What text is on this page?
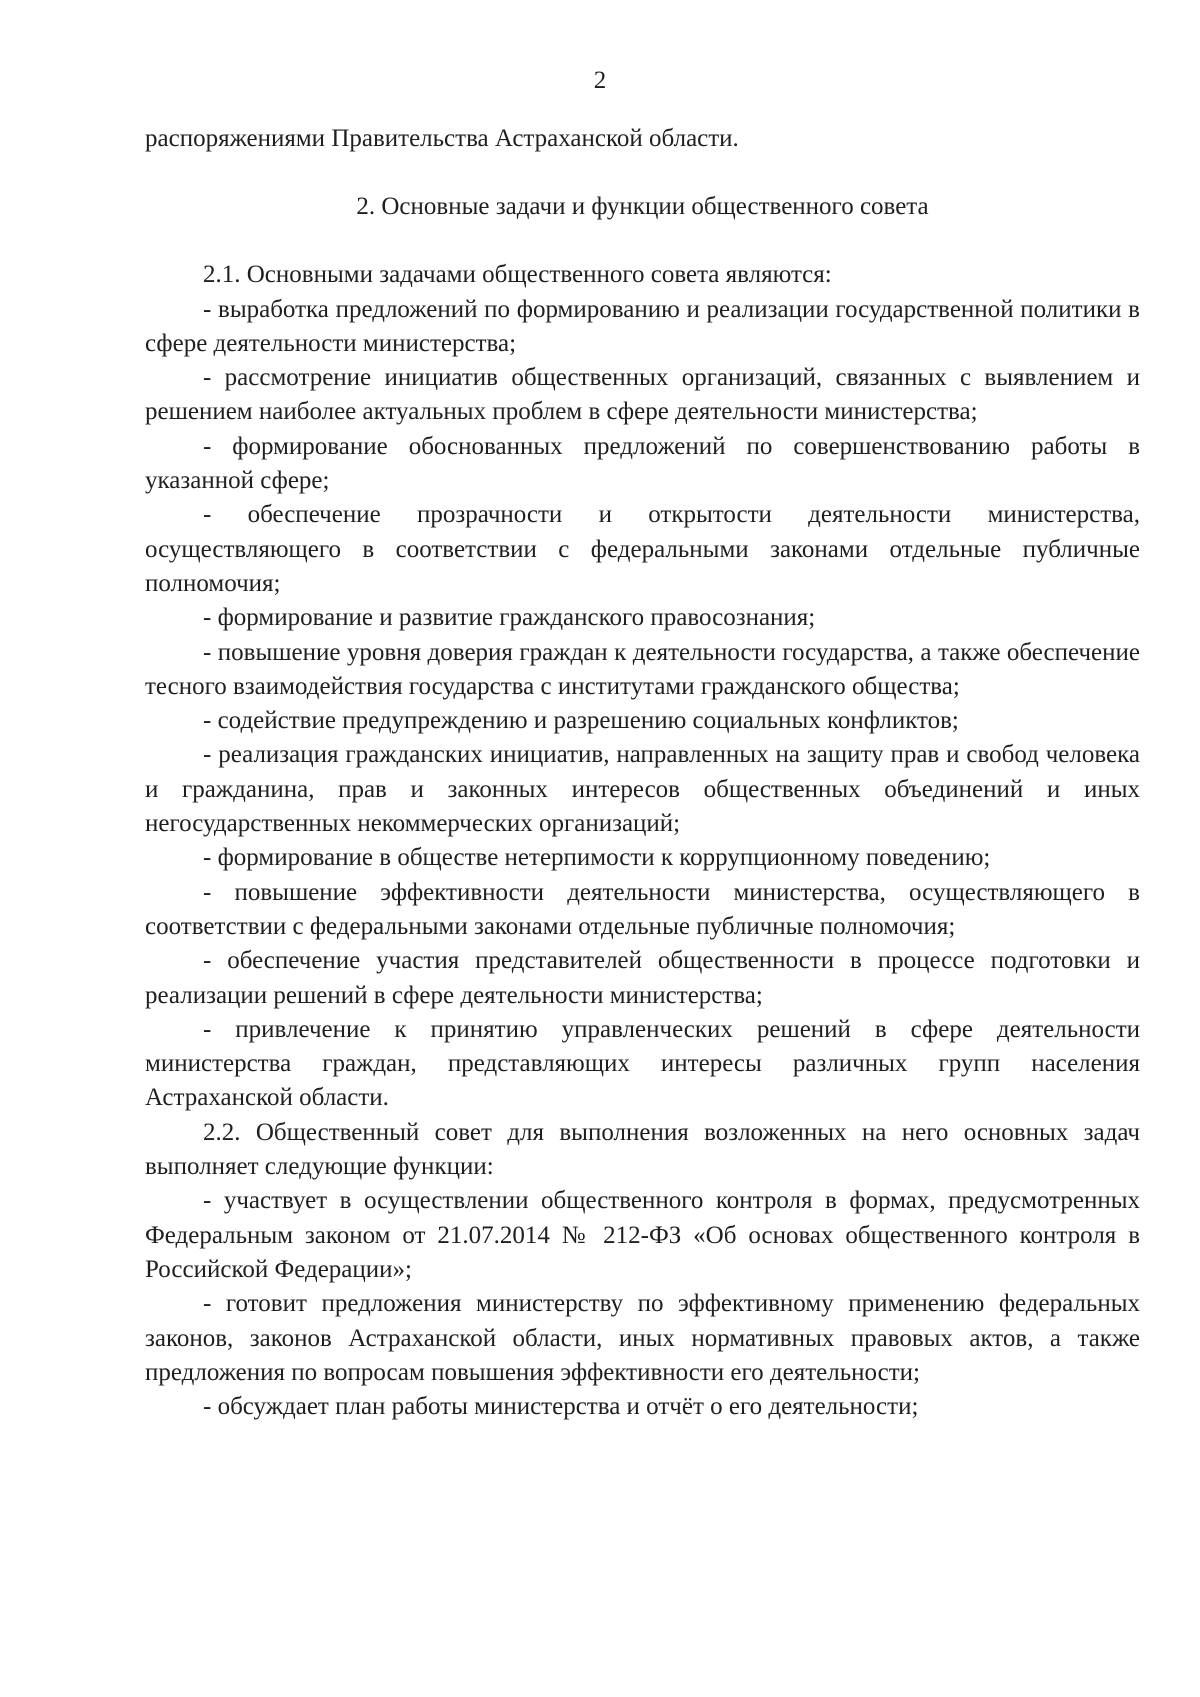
2

распоряжениями Правительства Астраханской области.

2. Основные задачи и функции общественного совета

2.1. Основными задачами общественного совета являются:

- выработка предложений по формированию и реализации государственной политики в сфере деятельности министерства;

- рассмотрение инициатив общественных организаций, связанных с выявлением и решением наиболее актуальных проблем в сфере деятельности министерства;

- формирование обоснованных предложений по совершенствованию работы в указанной сфере;

- обеспечение прозрачности и открытости деятельности министерства, осуществляющего в соответствии с федеральными законами отдельные публичные полномочия;

- формирование и развитие гражданского правосознания;

- повышение уровня доверия граждан к деятельности государства, а также обеспечение тесного взаимодействия государства с институтами гражданского общества;

- содействие предупреждению и разрешению социальных конфликтов;

- реализация гражданских инициатив, направленных на защиту прав и свобод человека и гражданина, прав и законных интересов общественных объединений и иных негосударственных некоммерческих организаций;

- формирование в обществе нетерпимости к коррупционному поведению;

- повышение эффективности деятельности министерства, осуществляющего в соответствии с федеральными законами отдельные публичные полномочия;

- обеспечение участия представителей общественности в процессе подготовки и реализации решений в сфере деятельности министерства;

- привлечение к принятию управленческих решений в сфере деятельности министерства граждан, представляющих интересы различных групп населения Астраханской области.

2.2. Общественный совет для выполнения возложенных на него основных задач выполняет следующие функции:

- участвует в осуществлении общественного контроля в формах, предусмотренных Федеральным законом от 21.07.2014 № 212-ФЗ «Об основах общественного контроля в Российской Федерации»;

- готовит предложения министерству по эффективному применению федеральных законов, законов Астраханской области, иных нормативных правовых актов, а также предложения по вопросам повышения эффективности его деятельности;

- обсуждает план работы министерства и отчёт о его деятельности;
